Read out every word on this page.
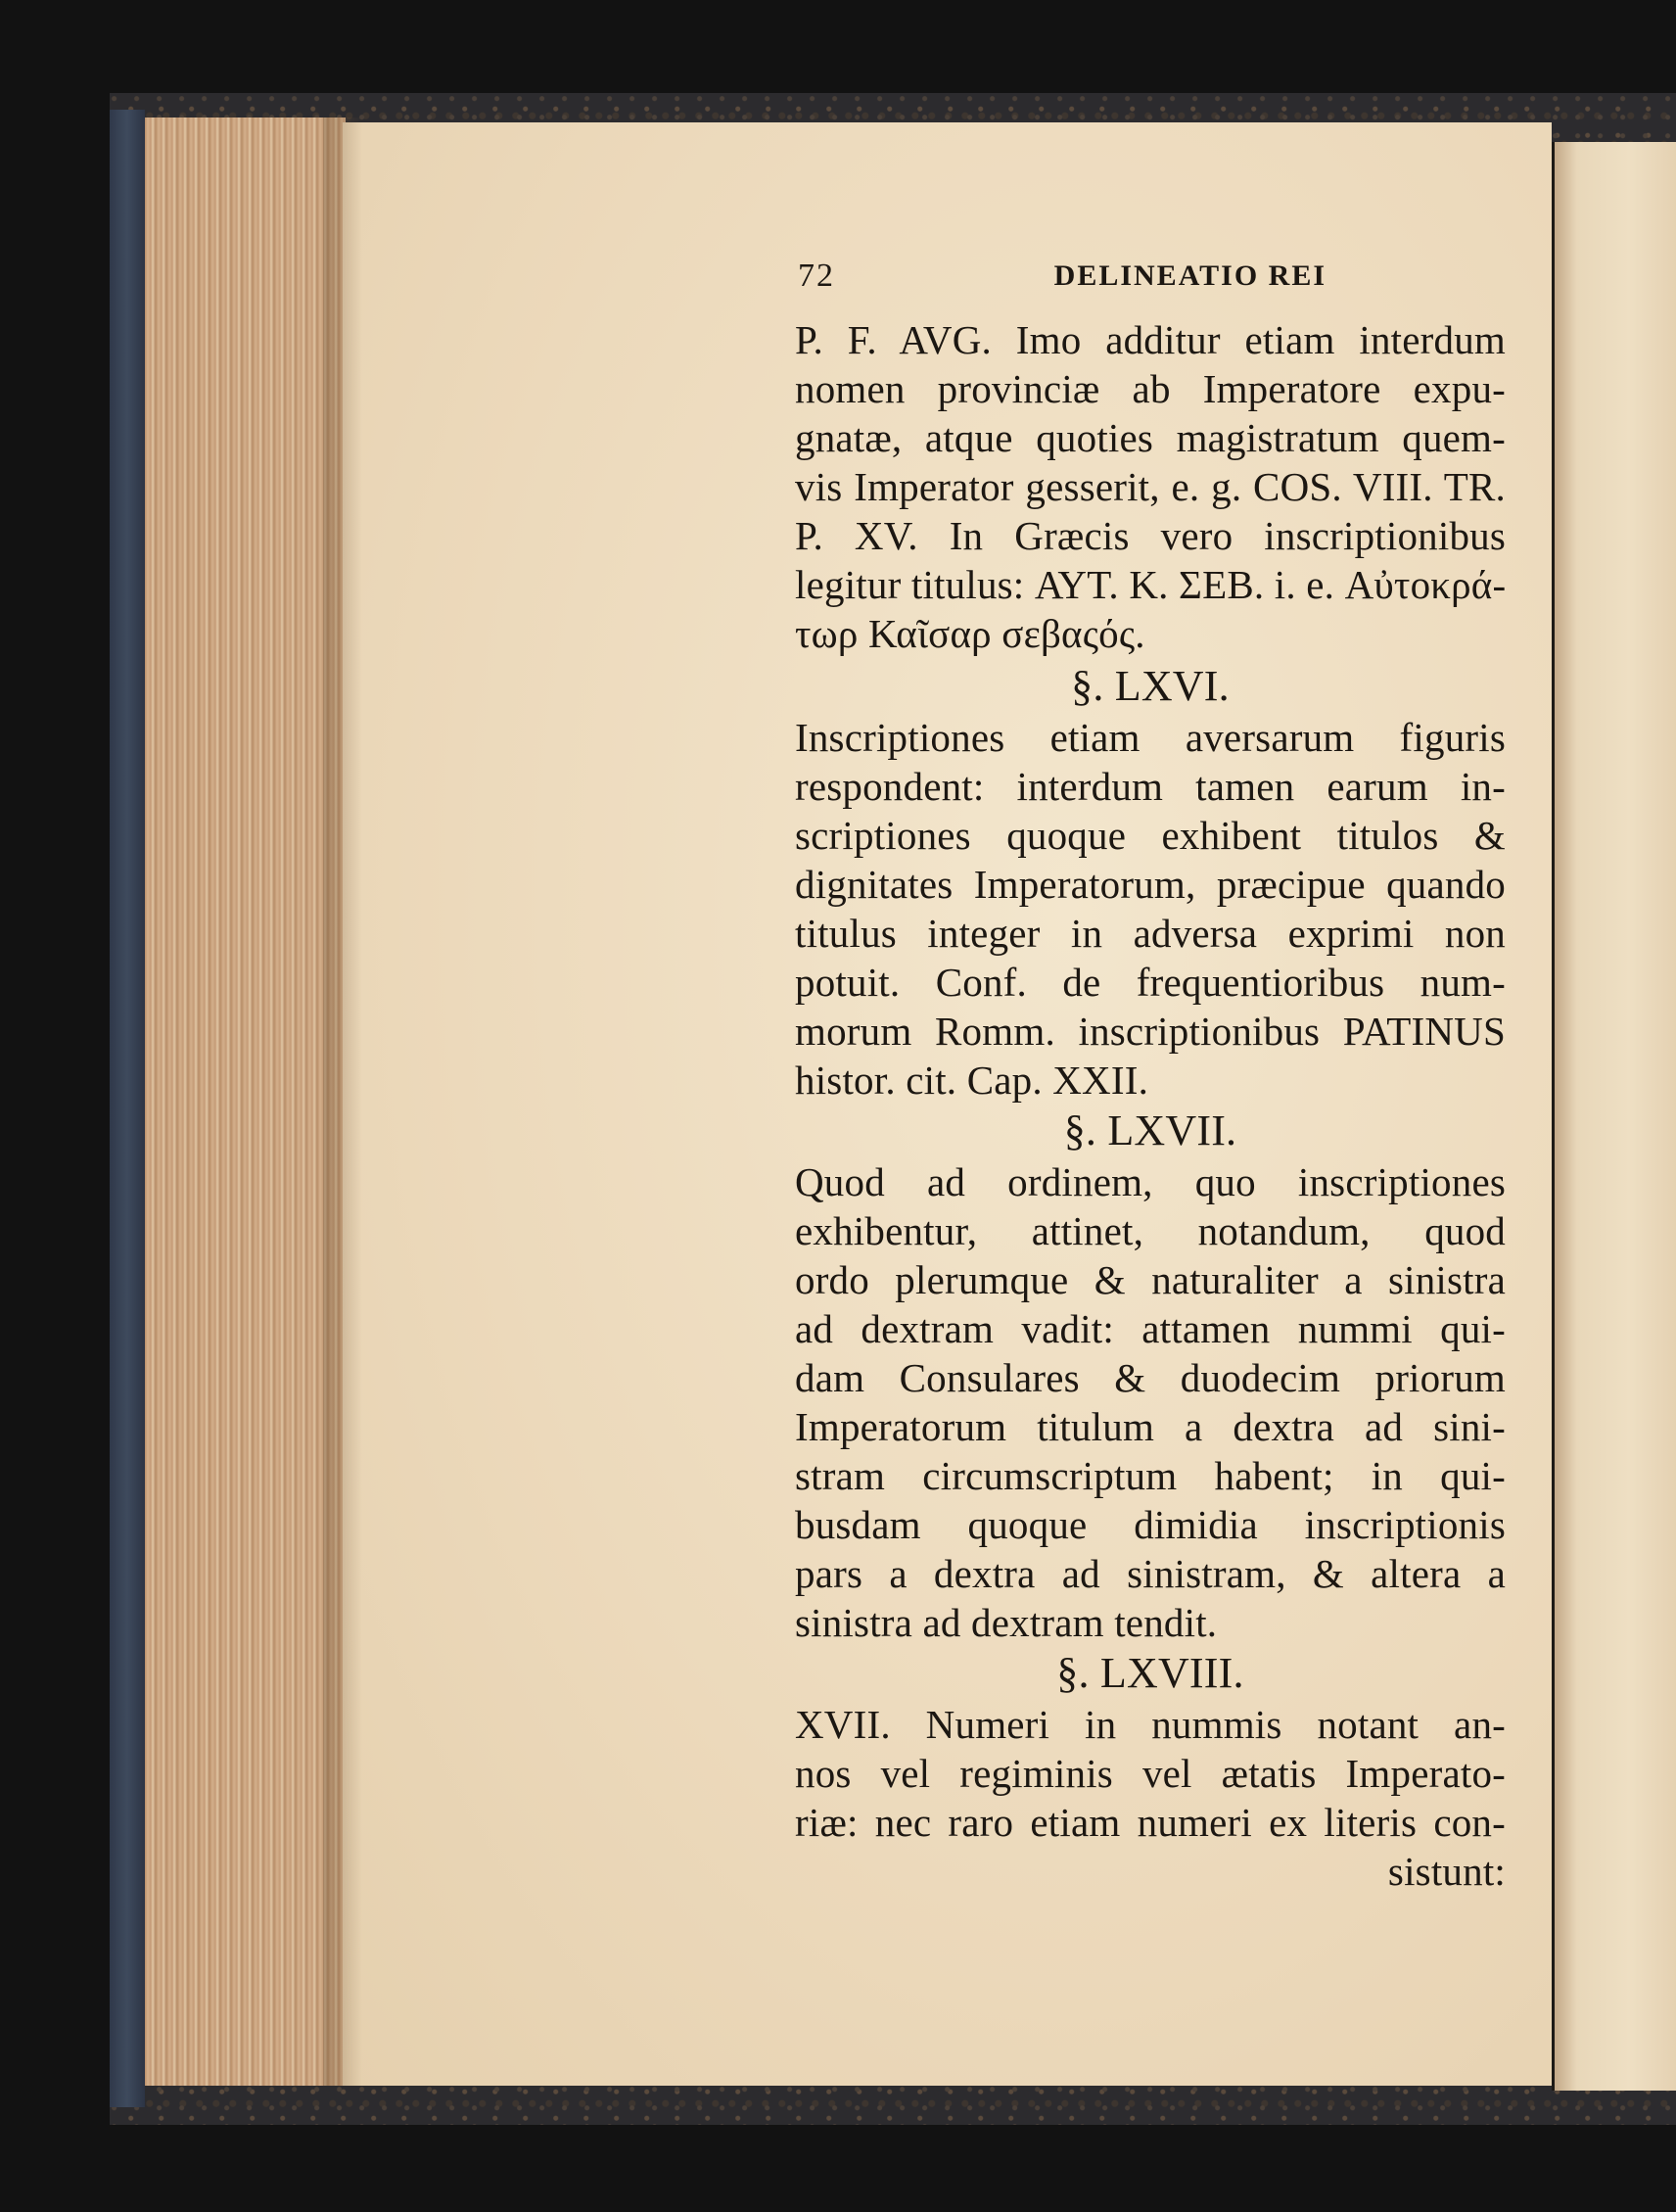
72	DELINEATIO REI
P. F. AVG. Imo additur etiam interdum
nomen provinciæ ab Imperatore expu-
gnatæ, atque quoties magistratum quem-
vis Imperator gesserit, e. g. COS. VIII. TR.
P. XV. In Græcis vero inscriptionibus
legitur titulus: ΑΥΤ. Κ. ΣΕΒ. i. e. Αὐτοκρά-
τωρ Καῖσαρ σεβαςός.
§. LXVI.
Inscriptiones etiam aversarum figuris
respondent: interdum tamen earum in-
scriptiones quoque exhibent titulos &
dignitates Imperatorum, præcipue quando
titulus integer in adversa exprimi non
potuit. Conf. de frequentioribus num-
morum Romm. inscriptionibus PATINUS
histor. cit. Cap. XXII.
§. LXVII.
Quod ad ordinem, quo inscriptiones
exhibentur, attinet, notandum, quod
ordo plerumque & naturaliter a sinistra
ad dextram vadit: attamen nummi qui-
dam Consulares & duodecim priorum
Imperatorum titulum a dextra ad sini-
stram circumscriptum habent; in qui-
busdam quoque dimidia inscriptionis
pars a dextra ad sinistram, & altera a
sinistra ad dextram tendit.
§. LXVIII.
XVII. Numeri in nummis notant an-
nos vel regiminis vel ætatis Imperato-
riæ: nec raro etiam numeri ex literis con-
sistunt:
